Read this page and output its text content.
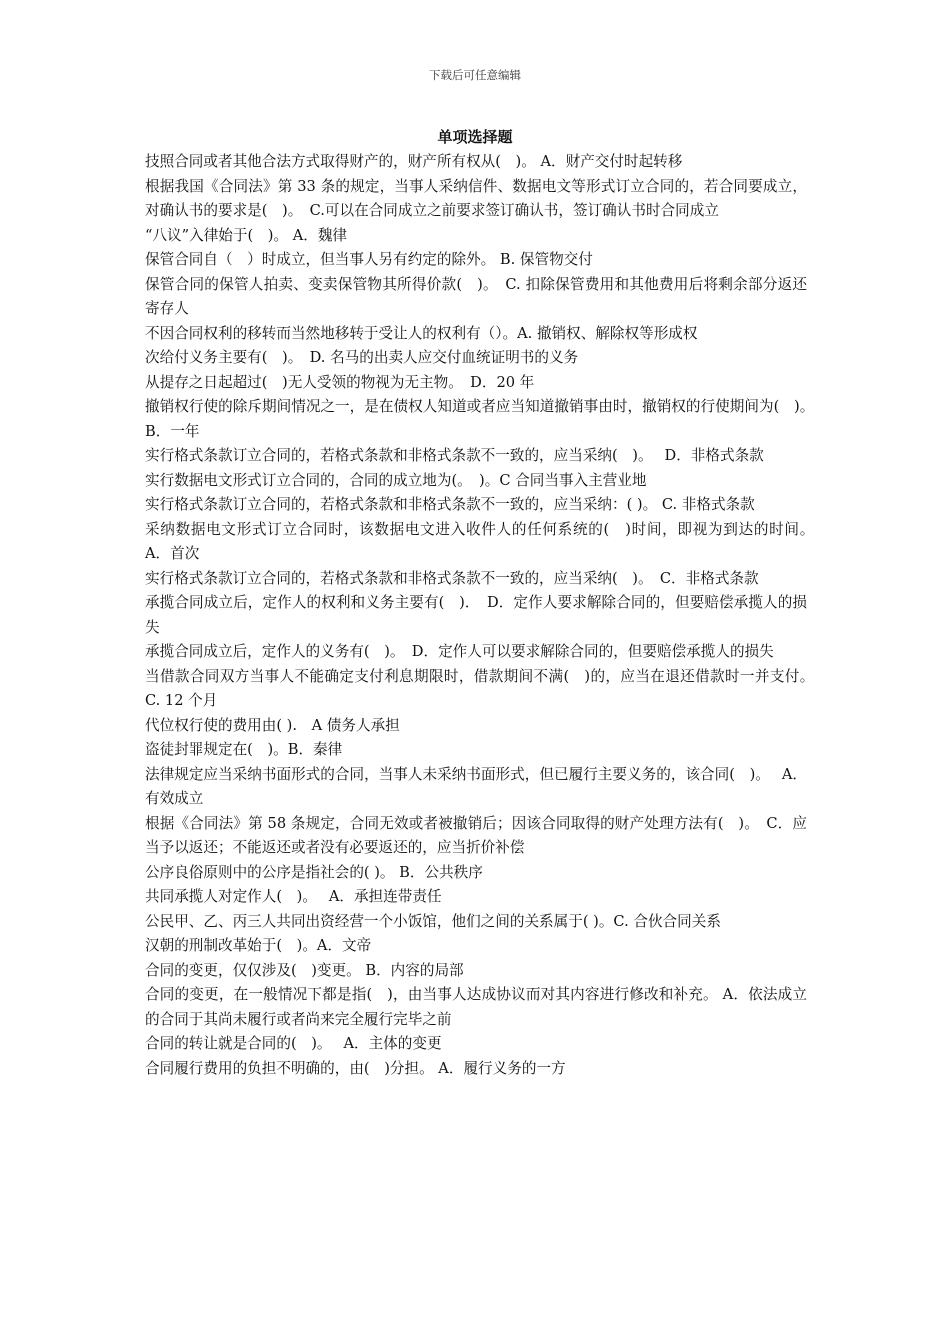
下载后可任意编辑
单项选择题

技照合同或者其他合法方式取得财产的，财产所有权从(　)。 A．财产交付时起转移

根据我国《合同法》第 33 条的规定，当事人采纳信件、数据电文等形式订立合同的，若合同要成立，对确认书的要求是(　)。　C.可以在合同成立之前要求签订确认书，签订确认书时合同成立

“八议”入律始于(　)。 A．魏律

保管合同自（　）时成立，但当事人另有约定的除外。 B. 保管物交付

保管合同的保管人拍卖、变卖保管物其所得价款(　)。　C. 扣除保管费用和其他费用后将剩余部分返还寄存人

不因合同权利的移转而当然地移转于受让人的权利有（）。A. 撤销权、解除权等形成权

次给付义务主要有(　)。　D. 名马的出卖人应交付血统证明书的义务

从提存之日起超过(　)无人受领的物视为无主物。　D．20 年

撤销权行使的除斥期间情况之一，是在债权人知道或者应当知道撤销事由时，撤销权的行使期间为(　)。　 B．一年

实行格式条款订立合同的，若格式条款和非格式条款不一致的，应当采纳(　)。　 D．非格式条款

实行数据电文形式订立合同的，合同的成立地为(。　)。C 合同当事入主营业地

实行格式条款订立合同的，若格式条款和非格式条款不一致的，应当采纳：( )。 C. 非格式条款

采纳数据电文形式订立合同时，该数据电文进入收件人的任何系统的(　)时间，即视为到达的时间。　 A．首次

实行格式条款订立合同的，若格式条款和非格式条款不一致的，应当采纳(　)。　C．非格式条款

承揽合同成立后，定作人的权利和义务主要有(　)．　D．定作人要求解除合同的，但要赔偿承揽人的损失

承揽合同成立后，定作人的义务有(　)。　D．定作人可以要求解除合同的，但要赔偿承揽人的损失

当借款合同双方当事人不能确定支付利息期限时，借款期间不满(　)的，应当在退还借款时一并支付。　 C. 12 个月

代位权行使的费用由( ).　A 债务人承担

盗徒封罪规定在(　)。B．秦律

法律规定应当采纳书面形式的合同，当事人未采纳书面形式，但已履行主要义务的，该合同(　)。　 A．有效成立

根据《合同法》第 58 条规定，合同无效或者被撤销后；因该合同取得的财产处理方法有(　)。　C．应当予以返还；不能返还或者没有必要返还的，应当折价补偿

公序良俗原则中的公序是指社会的( )。 B．公共秩序

共同承揽人对定作人(　)。　 A．承担连带责任

公民甲、乙、丙三人共同出资经营一个小饭馆，他们之间的关系属于( )。C. 合伙合同关系

汉朝的刑制改革始于(　)。A．文帝

合同的变更，仅仅涉及(　)变更。 B．内容的局部

合同的变更，在一般情况下都是指(　)，由当事人达成协议而对其内容进行修改和补充。 A．依法成立的合同于其尚未履行或者尚来完全履行完毕之前

合同的转让就是合同的(　)。　 A．主体的变更

合同履行费用的负担不明确的，由(　)分担。 A．履行义务的一方
